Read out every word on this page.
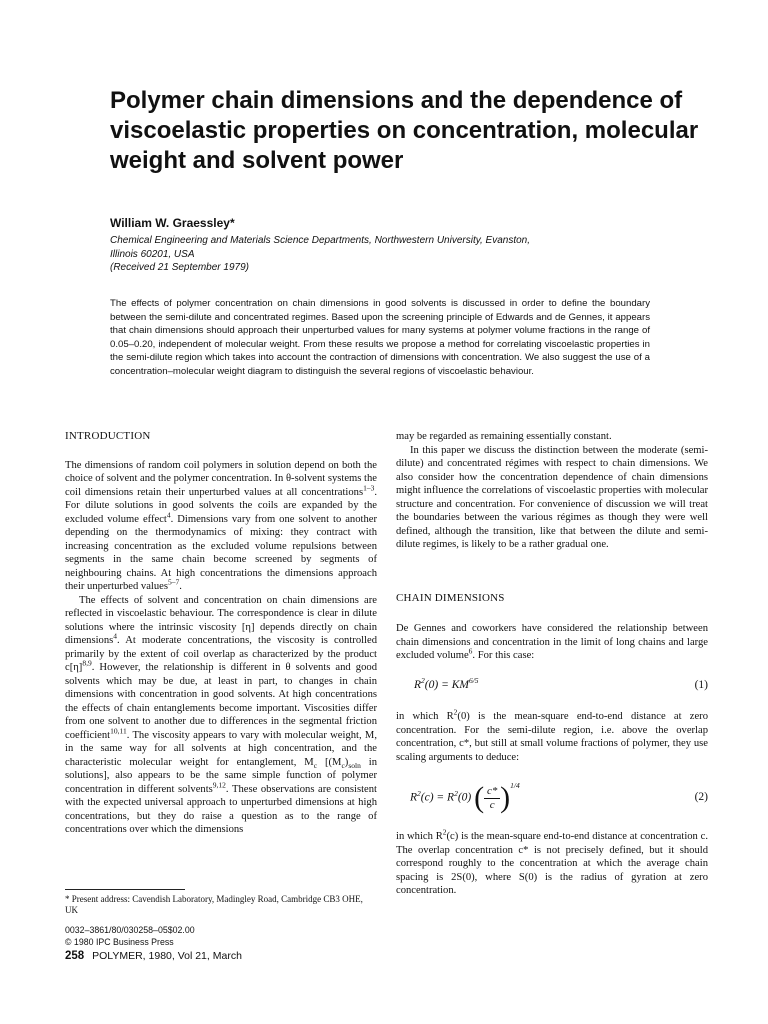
Polymer chain dimensions and the dependence of viscoelastic properties on concentration, molecular weight and solvent power
William W. Graessley*
Chemical Engineering and Materials Science Departments, Northwestern University, Evanston,
Illinois 60201, USA
(Received 21 September 1979)

The effects of polymer concentration on chain dimensions in good solvents is discussed in order to define the boundary between the semi-dilute and concentrated regimes. Based upon the screening principle of Edwards and de Gennes, it appears that chain dimensions should approach their unperturbed values for many systems at polymer volume fractions in the range of 0.05–0.20, independent of molecular weight. From these results we propose a method for correlating viscoelastic properties in the semi-dilute region which takes into account the contraction of dimensions with concentration. We also suggest the use of a concentration–molecular weight diagram to distinguish the several regions of viscoelastic behaviour.

INTRODUCTION

The dimensions of random coil polymers in solution depend on both the choice of solvent and the polymer concentration. In θ-solvent systems the coil dimensions retain their unperturbed values at all concentrations$^{1-3}$. For dilute solutions in good solvents the coils are expanded by the excluded volume effect$^4$. Dimensions vary from one solvent to another depending on the thermodynamics of mixing: they contract with increasing concentration as the excluded volume repulsions between segments in the same chain become screened by segments of neighbouring chains. At high concentrations the dimensions approach their unperturbed values$^{5-7}$.

The effects of solvent and concentration on chain dimensions are reflected in viscoelastic behaviour. The correspondence is clear in dilute solutions where the intrinsic viscosity [η] depends directly on chain dimensions$^4$. At moderate concentrations, the viscosity is controlled primarily by the extent of coil overlap as characterized by the product $c[\eta]^{8,9}$. However, the relationship is different in θ solvents and good solvents which may be due, at least in part, to changes in chain dimensions with concentration in good solvents. At high concentrations the effects of chain entanglements become important. Viscosities differ from one solvent to another due to differences in the segmental friction coefficient$^{10,11}$. The viscosity appears to vary with molecular weight, M, in the same way for all solvents at high concentration, and the characteristic molecular weight for entanglement, $M_c$ [$(M_c)_{soln}$ in solutions], also appears to be the same simple function of polymer concentration in different solvents$^{9,12}$. These observations are consistent with the expected universal approach to unperturbed dimensions at high concentrations, but they do raise a question as to the range of concentrations over which the dimensions

* Present address: Cavendish Laboratory, Madingley Road, Cambridge CB3 OHE, UK
0032–3861/80/030258–05$02.00
© 1980 IPC Business Press
258 POLYMER, 1980, Vol 21, March

may be regarded as remaining essentially constant.

In this paper we discuss the distinction between the moderate (semi-dilute) and concentrated régimes with respect to chain dimensions. We also consider how the concentration dependence of chain dimensions might influence the correlations of viscoelastic properties with molecular structure and concentration. For convenience of discussion we will treat the boundaries between the various régimes as though they were well defined, although the transition, like that between the dilute and semi-dilute regimes, is likely to be a rather gradual one.

CHAIN DIMENSIONS

De Gennes and coworkers have considered the relationship between chain dimensions and concentration in the limit of long chains and large excluded volume$^6$. For this case:

$R^2(0) = KM^{6/5}$	(1)

in which $R^2(0)$ is the mean-square end-to-end distance at zero concentration. For the semi-dilute region, i.e. above the overlap concentration, c*, but still at small volume fractions of polymer, they use scaling arguments to deduce:

$R^2(c) = R^2(0)$ ( $\frac{c*}{c} )^{1/4}$
(2)

in which $R^2(c)$ is the mean-square end-to-end distance at concentration c. The overlap concentration c* is not precisely defined, but it should correspond roughly to the concentration at which the average chain spacing is 2S(0), where S(0) is the radius of gyration at zero concentration.
